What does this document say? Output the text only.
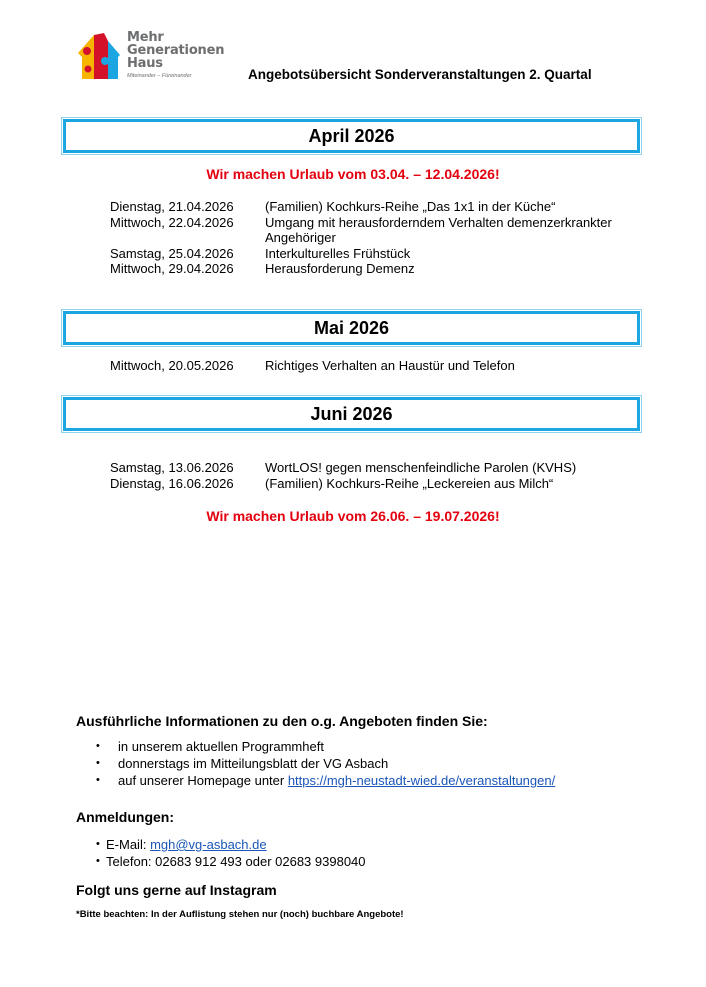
Mehr
Generationen
Haus
Miteinander – Füreinander	Angebotsübersicht Sonderveranstaltungen 2. Quartal
April 2026
Wir machen Urlaub vom 03.04. – 12.04.2026!
Dienstag, 21.04.2026	(Familien) Kochkurs-Reihe „Das 1x1 in der Küche“
Mittwoch, 22.04.2026	Umgang mit herausforderndem Verhalten demenzerkrankter Angehöriger
Samstag, 25.04.2026	Interkulturelles Frühstück
Mittwoch, 29.04.2026	Herausforderung Demenz
Mai 2026
Mittwoch, 20.05.2026	Richtiges Verhalten an Haustür und Telefon
Juni 2026
Samstag, 13.06.2026	WortLOS! gegen menschenfeindliche Parolen (KVHS)
Dienstag, 16.06.2026	(Familien) Kochkurs-Reihe „Leckereien aus Milch“
Wir machen Urlaub vom 26.06. – 19.07.2026!
Ausführliche Informationen zu den o.g. Angeboten finden Sie:
• in unserem aktuellen Programmheft
• donnerstags im Mitteilungsblatt der VG Asbach
• auf unserer Homepage unter https://mgh-neustadt-wied.de/veranstaltungen/
Anmeldungen:
• E-Mail: mgh@vg-asbach.de
• Telefon: 02683 912 493 oder 02683 9398040
Folgt uns gerne auf Instagram
*Bitte beachten: In der Auflistung stehen nur (noch) buchbare Angebote!
